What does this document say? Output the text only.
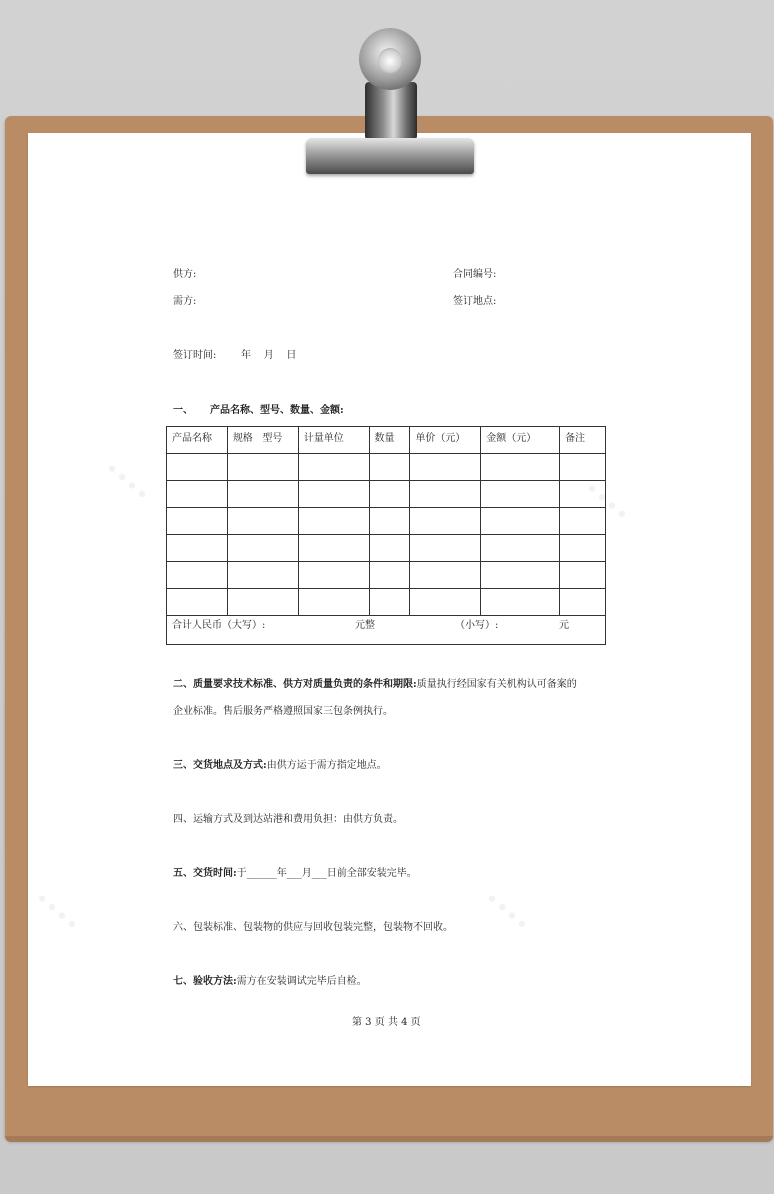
••••	••••
••••	••••
供方:	合同编号:
需方:	签订地点:
签订时间: 年    月    日
一、 产品名称、型号、数量、金额:
产品名称	规格   型号	计量单位	数量	单价（元）	金额（元）	备注

合计人民币（大写）: 元整 （小写）: 元						
二、质量要求技术标准、供方对质量负责的条件和期限:质量执行经国家有关机构认可备案的
企业标准。售后服务严格遵照国家三包条例执行。
三、交货地点及方式:由供方运于需方指定地点。
四、运输方式及到达站港和费用负担：由供方负责。
五、交货时间:于______年___月___日前全部安装完毕。
六、包装标准、包装物的供应与回收包装完整，包装物不回收。
七、验收方法:需方在安装调试完毕后自检。
第 3 页 共 4 页
